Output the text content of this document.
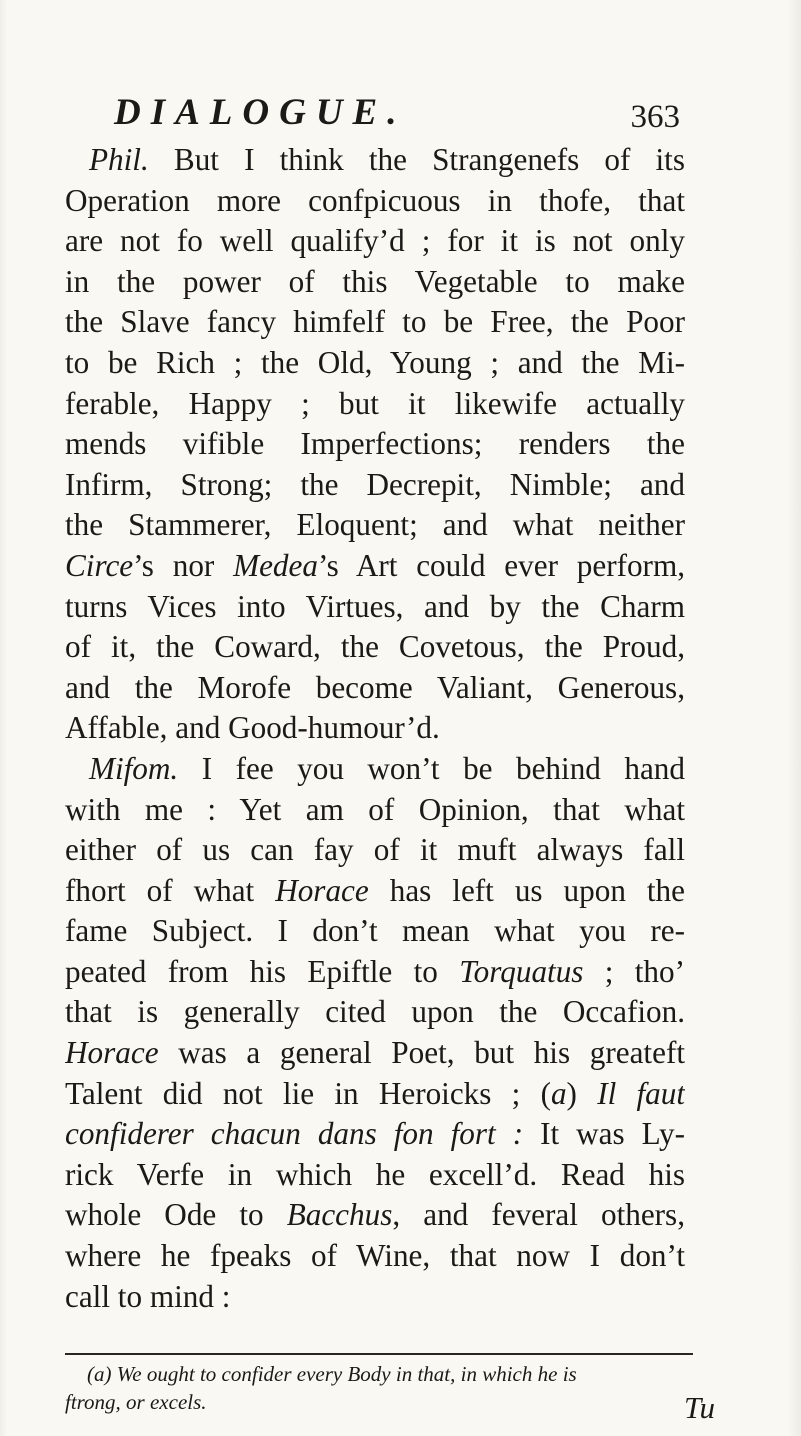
DIALOGUE.	363
Phil. But I think the Strangenefs of its
Operation more confpicuous in thofe, that
are not fo well qualify’d ; for it is not only
in the power of this Vegetable to make
the Slave fancy himfelf to be Free, the Poor
to be Rich ; the Old, Young ; and the Mi-
ferable, Happy ; but it likewife actually
mends vifible Imperfections; renders the
Infirm, Strong; the Decrepit, Nimble; and
the Stammerer, Eloquent; and what neither
Circe’s nor Medea’s Art could ever perform,
turns Vices into Virtues, and by the Charm
of it, the Coward, the Covetous, the Proud,
and the Morofe become Valiant, Generous,
Affable, and Good-humour’d.
Mifom. I fee you won’t be behind hand
with me : Yet am of Opinion, that what
either of us can fay of it muft always fall
fhort of what Horace has left us upon the
fame Subject. I don’t mean what you re-
peated from his Epiftle to Torquatus ; tho’
that is generally cited upon the Occafion.
Horace was a general Poet, but his greateft
Talent did not lie in Heroicks ; (a) Il faut
confiderer chacun dans fon fort : It was Ly-
rick Verfe in which he excell’d. Read his
whole Ode to Bacchus, and feveral others,
where he fpeaks of Wine, that now I don’t
call to mind :
(a) We ought to confider every Body in that, in which he is
ftrong, or excels.	Tu
